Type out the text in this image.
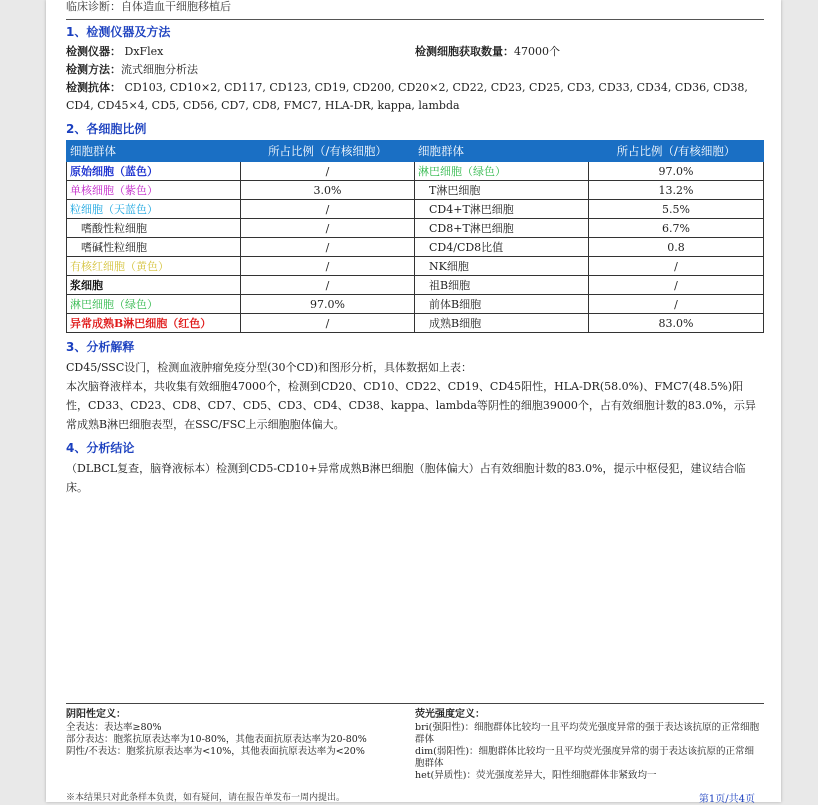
临床诊断：自体造血干细胞移植后
1、检测仪器及方法
检测仪器： DxFlex	检测细胞获取数量：47000个
检测方法：流式细胞分析法
检测抗体： CD103, CD10×2, CD117, CD123, CD19, CD200, CD20×2, CD22, CD23, CD25, CD3, CD33, CD34, CD36, CD38,
CD4, CD45×4, CD5, CD56, CD7, CD8, FMC7, HLA-DR, kappa, lambda
2、各细胞比例
细胞群体	所占比例（/有核细胞）	细胞群体	所占比例（/有核细胞）
原始细胞（蓝色）	/	淋巴细胞（绿色）	97.0%
单核细胞（紫色）	3.0%	T淋巴细胞	13.2%
粒细胞（天蓝色）	/	CD4+T淋巴细胞	5.5%
嗜酸性粒细胞	/	CD8+T淋巴细胞	6.7%
嗜碱性粒细胞	/	CD4/CD8比值	0.8
有核红细胞（黄色）	/	NK细胞	/
浆细胞	/	祖B细胞	/
淋巴细胞（绿色）	97.0%	前体B细胞	/
异常成熟B淋巴细胞（红色）	/	成熟B细胞	83.0%
3、分析解释
CD45/SSC设门，检测血液肿瘤免疫分型(30个CD)和图形分析，具体数据如上表：
本次脑脊液样本，共收集有效细胞47000个，检测到CD20、CD10、CD22、CD19、CD45阳性，HLA-DR(58.0%)、FMC7(48.5%)阳性，CD33、CD23、CD8、CD7、CD5、CD3、CD4、CD38、kappa、lambda等阴性的细胞39000个，占有效细胞计数的83.0%，示异常成熟B淋巴细胞表型，在SSC/FSC上示细胞胞体偏大。
4、分析结论
（DLBCL复查，脑脊液标本）检测到CD5-CD10+异常成熟B淋巴细胞（胞体偏大）占有效细胞计数的83.0%，提示中枢侵犯，建议结合临床。
阴阳性定义：
全表达：表达率≥80%
部分表达：胞浆抗原表达率为10-80%，其他表面抗原表达率为20-80%
阴性/不表达：胞浆抗原表达率为<10%，其他表面抗原表达率为<20%
荧光强度定义：
bri(强阳性)：细胞群体比较均一且平均荧光强度异常的强于表达该抗原的正常细胞群体
dim(弱阳性)：细胞群体比较均一且平均荧光强度异常的弱于表达该抗原的正常细胞群体
het(异质性)：荧光强度差异大，阳性细胞群体非紧致均一
※本结果只对此条样本负责，如有疑问，请在报告单发布一周内提出。	第1页/共4页
